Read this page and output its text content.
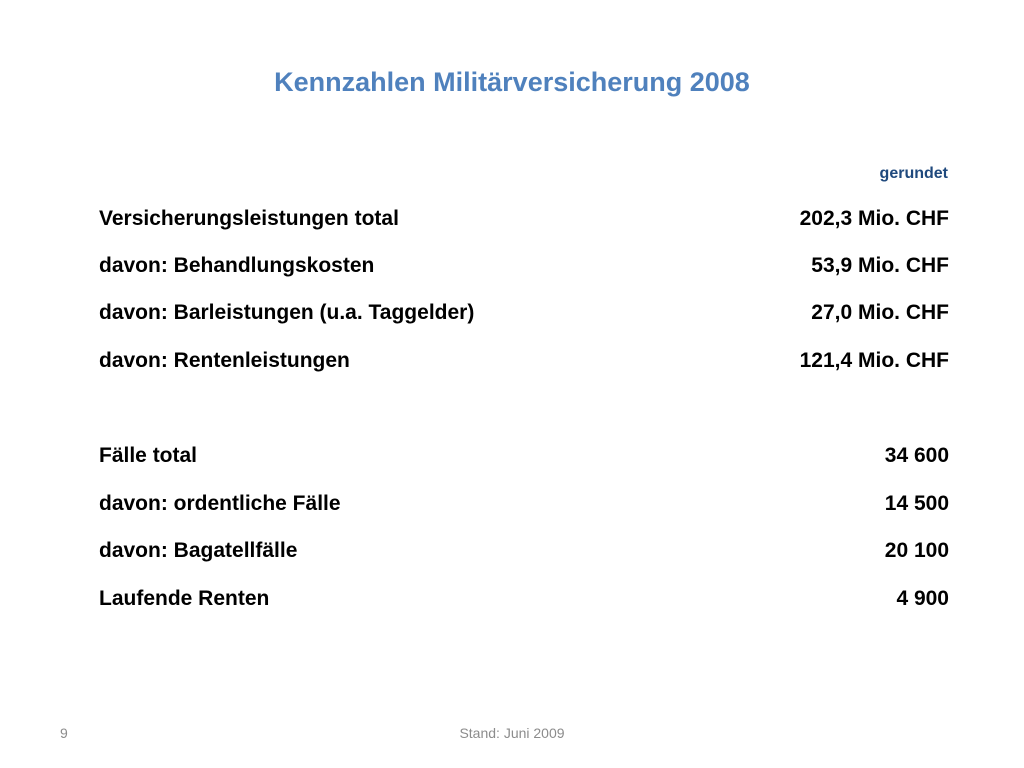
Kennzahlen Militärversicherung 2008
gerundet
Versicherungsleistungen total	202,3 Mio. CHF
davon: Behandlungskosten	53,9 Mio. CHF
davon: Barleistungen (u.a. Taggelder)	27,0 Mio. CHF
davon: Rentenleistungen	121,4 Mio. CHF
Fälle total	34 600
davon: ordentliche Fälle	14 500
davon: Bagatellfälle	20 100
Laufende Renten	4 900
9	Stand: Juni 2009
